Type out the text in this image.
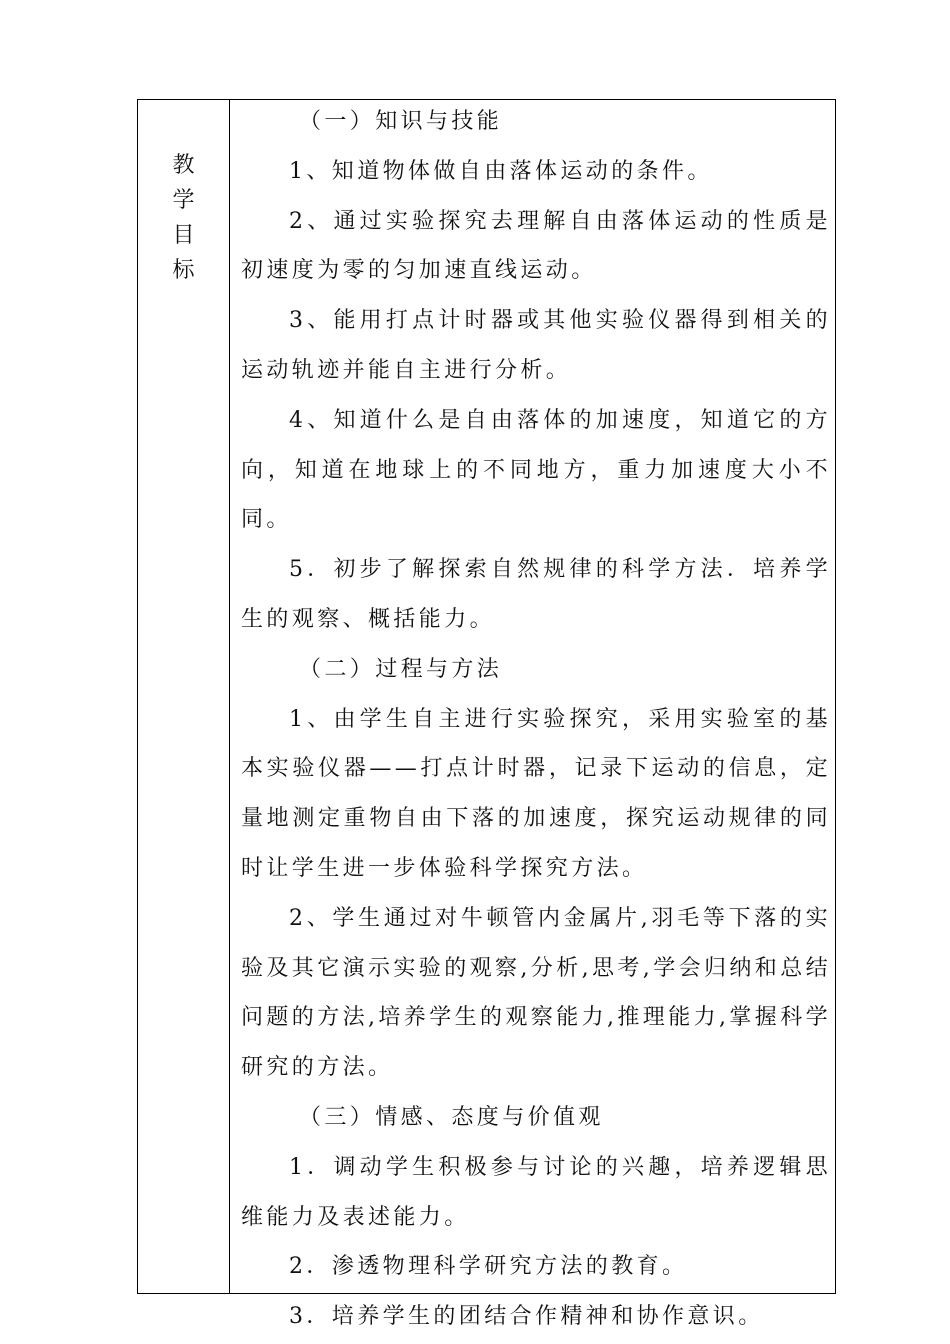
教
学
目
标

（一）知识与技能

1、知道物体做自由落体运动的条件。

2、通过实验探究去理解自由落体运动的性质是初速度为零的匀加速直线运动。

3、能用打点计时器或其他实验仪器得到相关的运动轨迹并能自主进行分析。

4、知道什么是自由落体的加速度，知道它的方向，知道在地球上的不同地方，重力加速度大小不同。

5．初步了解探索自然规律的科学方法．培养学生的观察、概括能力。

（二）过程与方法

1、由学生自主进行实验探究，采用实验室的基本实验仪器——打点计时器，记录下运动的信息，定量地测定重物自由下落的加速度，探究运动规律的同时让学生进一步体验科学探究方法。

2、学生通过对牛顿管内金属片,羽毛等下落的实验及其它演示实验的观察,分析,思考,学会归纳和总结问题的方法,培养学生的观察能力,推理能力,掌握科学研究的方法。

（三）情感、态度与价值观

1．调动学生积极参与讨论的兴趣，培养逻辑思维能力及表述能力。

2．渗透物理科学研究方法的教育。

3．培养学生的团结合作精神和协作意识。
